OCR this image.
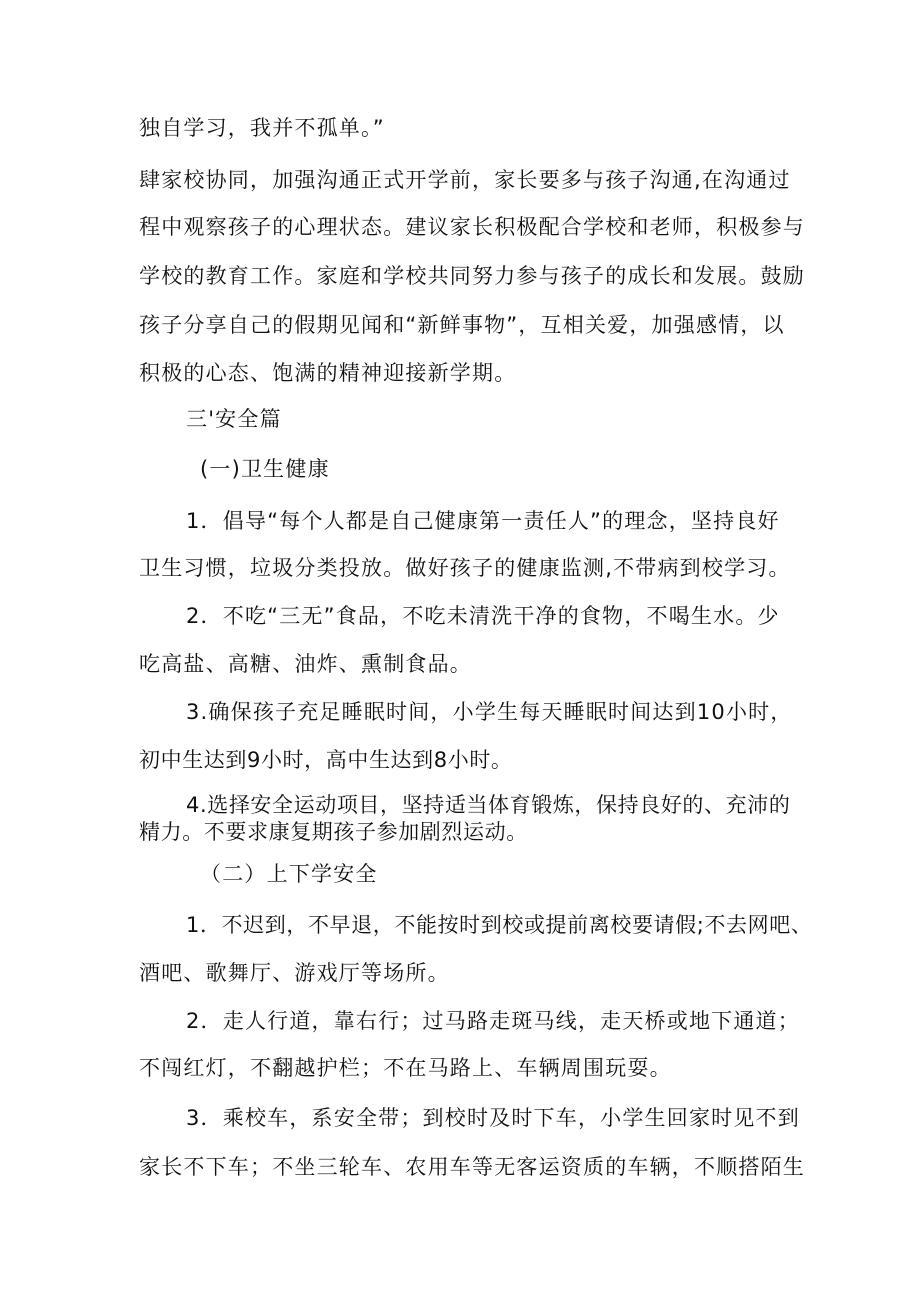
独自学习，我并不孤单。”
肆家校协同，加强沟通正式开学前，家长要多与孩子沟通,在沟通过
程中观察孩子的心理状态。建议家长积极配合学校和老师，积极参与
学校的教育工作。家庭和学校共同努力参与孩子的成长和发展。鼓励
孩子分享自己的假期见闻和“新鲜事物”，互相关爱，加强感情，以
积极的心态、饱满的精神迎接新学期。
三'安全篇
(一)卫生健康
1．倡导“每个人都是自己健康第一责任人”的理念，坚持良好
卫生习惯，垃圾分类投放。做好孩子的健康监测,不带病到校学习。
2．不吃“三无”食品，不吃未清洗干净的食物，不喝生水。少
吃高盐、高糖、油炸、熏制食品。
3.确保孩子充足睡眠时间，小学生每天睡眠时间达到10小时，
初中生达到9小时，高中生达到8小时。
4.选择安全运动项目，坚持适当体育锻炼，保持良好的、充沛的
精力。不要求康复期孩子参加剧烈运动。
（二）上下学安全
1．不迟到，不早退，不能按时到校或提前离校要请假;不去网吧、
酒吧、歌舞厅、游戏厅等场所。
2．走人行道，靠右行；过马路走斑马线，走天桥或地下通道；
不闯红灯，不翻越护栏；不在马路上、车辆周围玩耍。
3．乘校车，系安全带；到校时及时下车，小学生回家时见不到
家长不下车；不坐三轮车、农用车等无客运资质的车辆，不顺搭陌生
